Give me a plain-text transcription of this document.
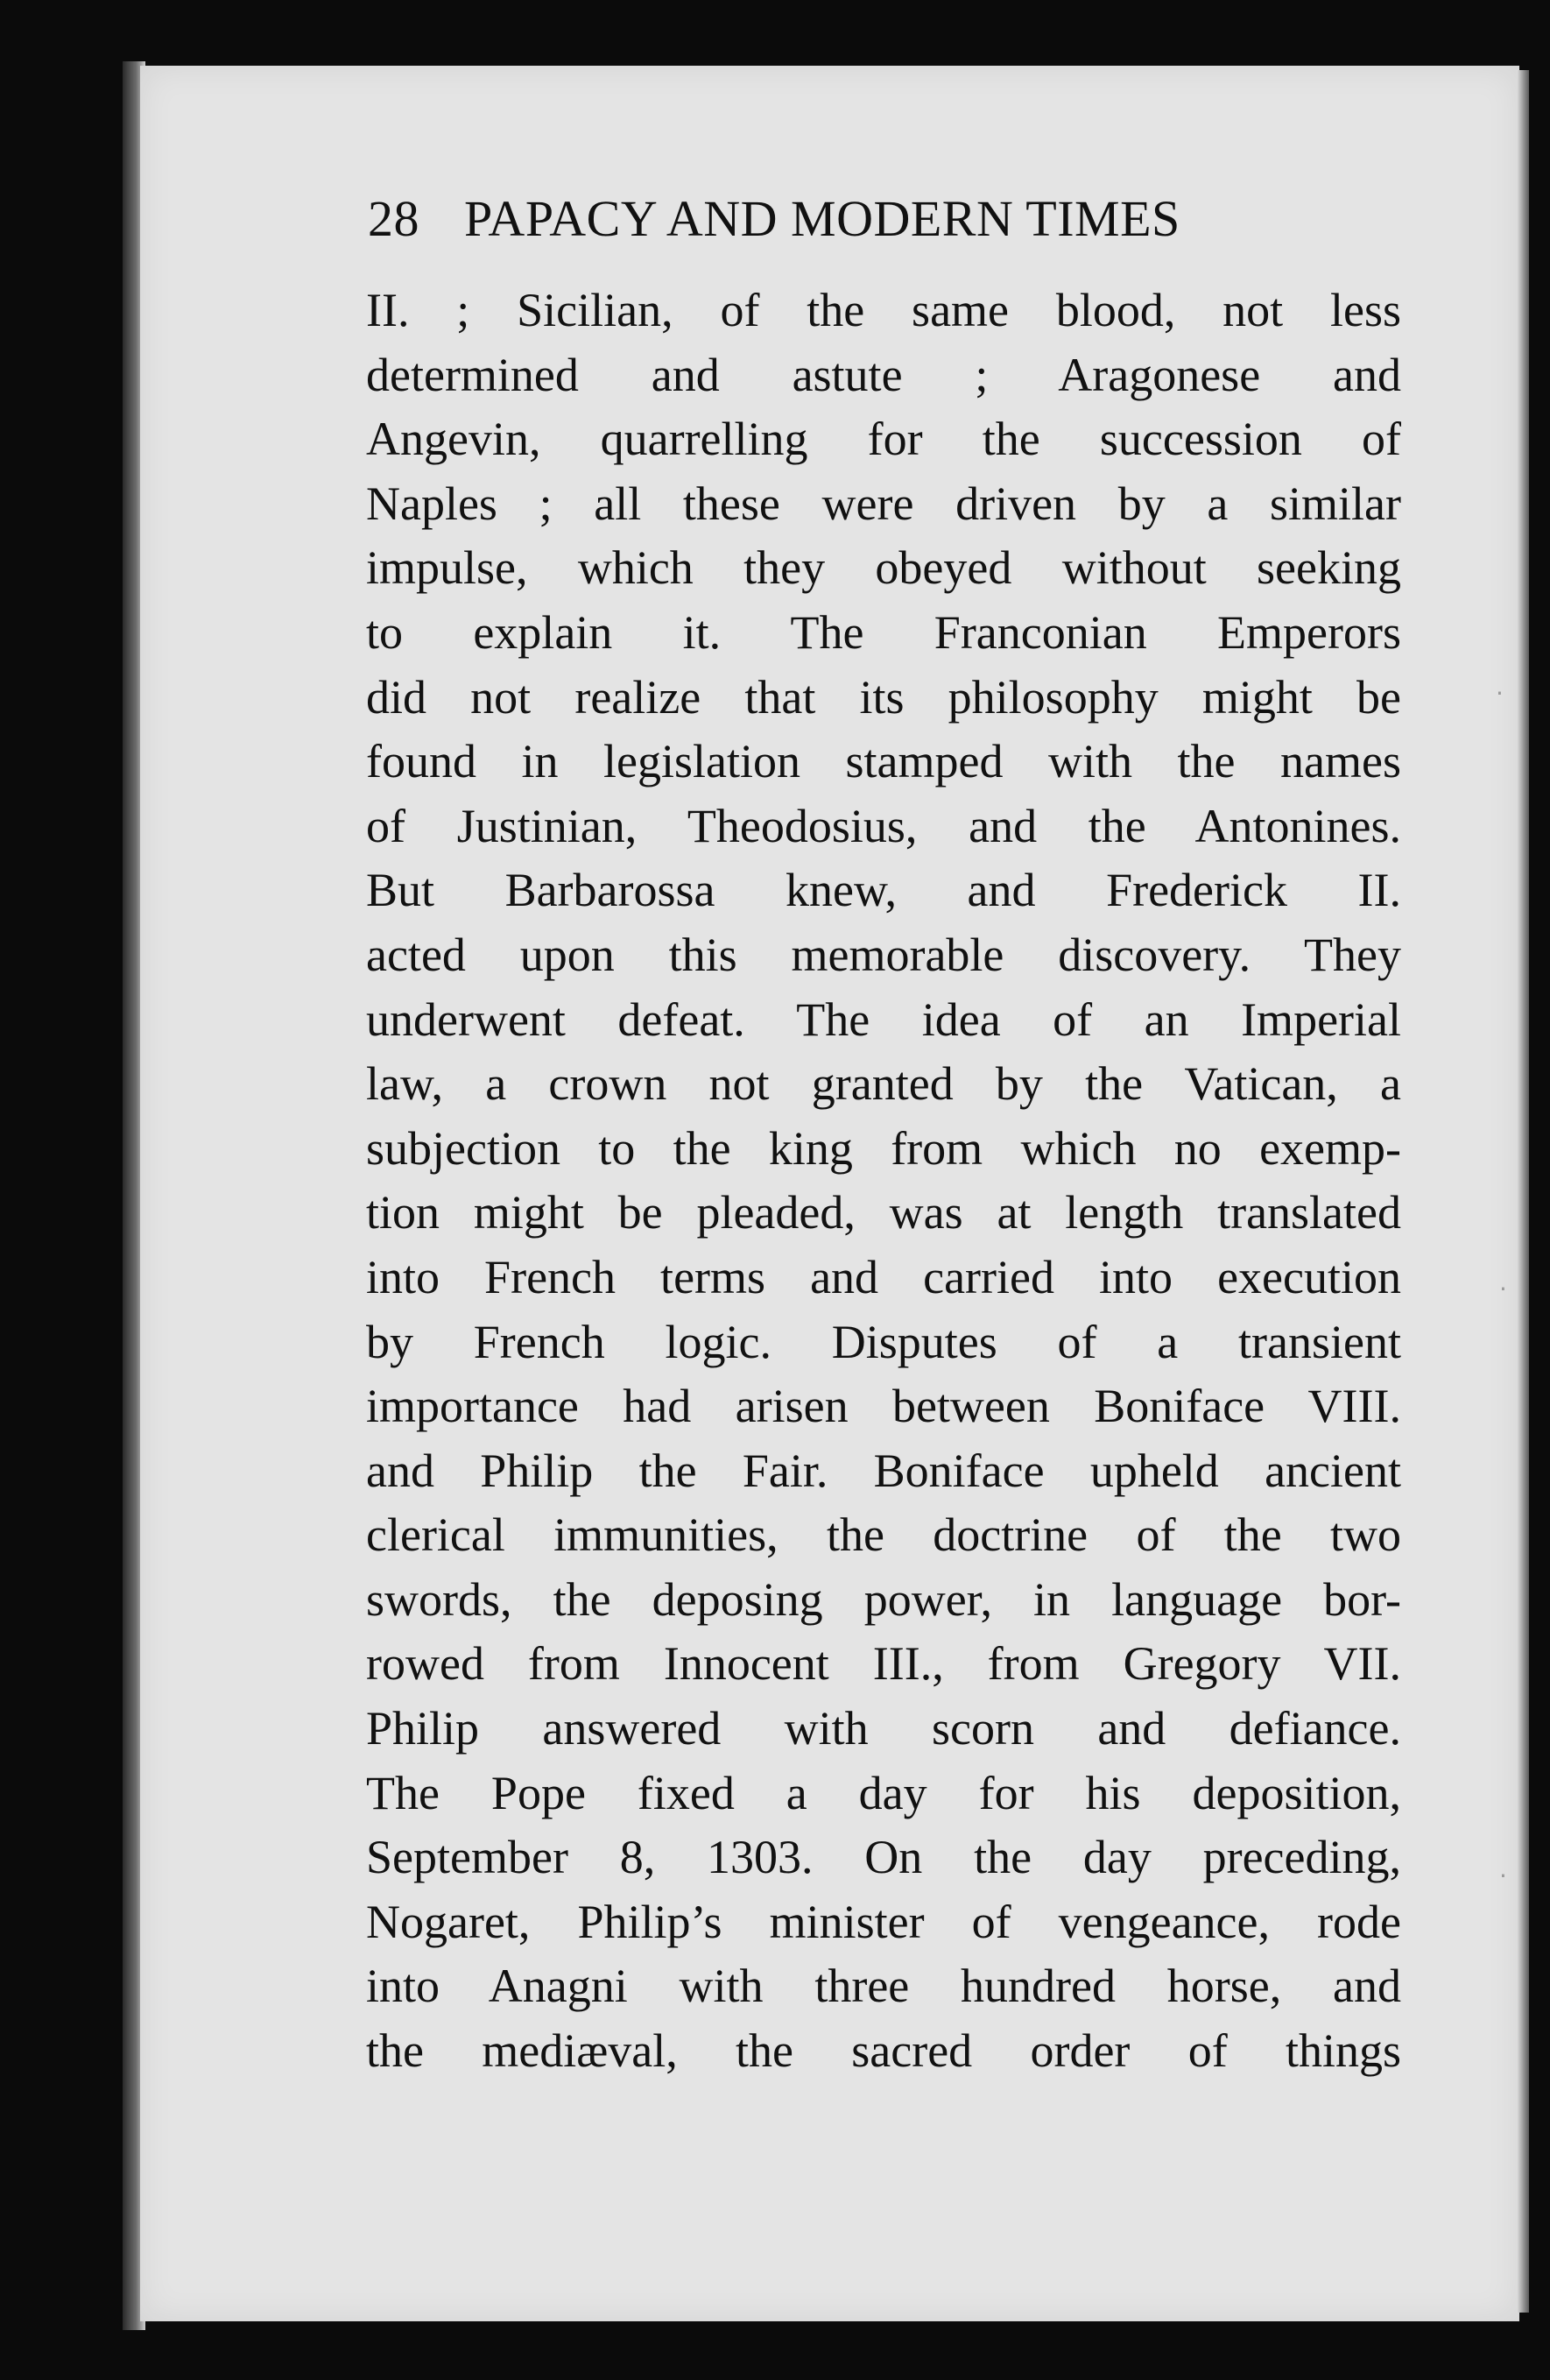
·
·
·
28 PAPACY AND MODERN TIMES
II. ; Sicilian, of the same blood, not less
determined and astute ; Aragonese and
Angevin, quarrelling for the succession of
Naples ; all these were driven by a similar
impulse, which they obeyed without seeking
to explain it. The Franconian Emperors
did not realize that its philosophy might be
found in legislation stamped with the names
of Justinian, Theodosius, and the Antonines.
But Barbarossa knew, and Frederick II.
acted upon this memorable discovery. They
underwent defeat. The idea of an Imperial
law, a crown not granted by the Vatican, a
subjection to the king from which no exemp-
tion might be pleaded, was at length translated
into French terms and carried into execution
by French logic. Disputes of a transient
importance had arisen between Boniface VIII.
and Philip the Fair. Boniface upheld ancient
clerical immunities, the doctrine of the two
swords, the deposing power, in language bor-
rowed from Innocent III., from Gregory VII.
Philip answered with scorn and defiance.
The Pope fixed a day for his deposition,
September 8, 1303. On the day preceding,
Nogaret, Philip’s minister of vengeance, rode
into Anagni with three hundred horse, and
the mediæval, the sacred order of things
